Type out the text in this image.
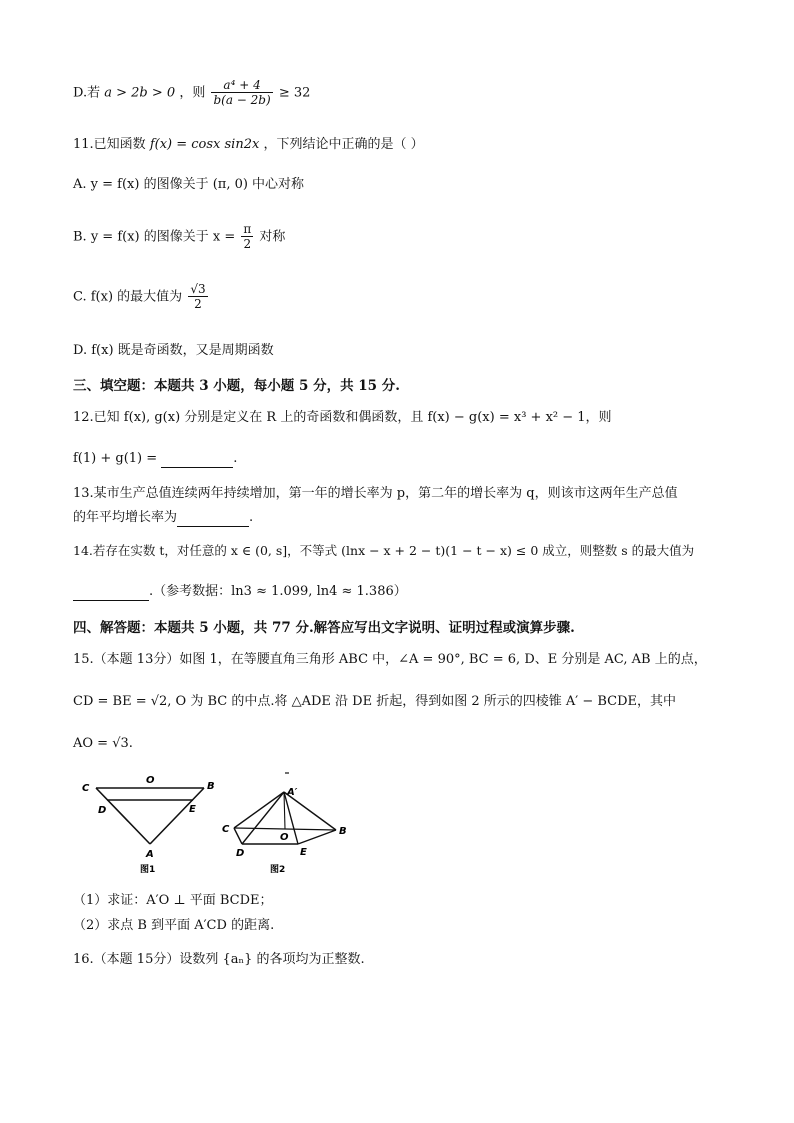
D.若 a > 2b > 0 ，则 $\frac{\text{a⁴ + 4}}{b(a - 2b)} \ge 32$
11.已知函数 f(x) = cosx sin2x ，下列结论中正确的是（ ）
A. y = f(x) 的图像关于 (π, 0) 中心对称
B. y = f(x) 的图像关于 $x = \frac{\pi}{2}$ 对称
C. f(x) 的最大值为 $\frac{√3}{2}$
D. f(x) 既是奇函数，又是周期函数
三、填空题：本题共 3 小题，每小题 5 分，共 15 分.
12.已知 f(x), g(x) 分别是定义在 R 上的奇函数和偶函数，且 f(x) − g(x) = x³ + x² − 1，则
f(1) + g(1) =	.
13.某市生产总值连续两年持续增加，第一年的增长率为 p，第二年的增长率为 q，则该市这两年生产总值
的年平均增长率为	.
14.若存在实数 t，对任意的 x ∈ (0, s]，不等式 (lnx − x + 2 − t)(1 − t − x) ≤ 0 成立，则整数 s 的最大值为
.（参考数据：ln3 ≈ 1.099, ln4 ≈ 1.386）
四、解答题：本题共 5 小题，共 77 分.解答应写出文字说明、证明过程或演算步骤.
15.（本题 13分）如图 1，在等腰直角三角形 ABC 中，∠A = 90°, BC = 6, D、E 分别是 AC, AB 上的点，
CD = BE = √2, O 为 BC 的中点.将 △ADE 沿 DE 折起，得到如图 2 所示的四棱锥 A′ − BCDE，其中
AO = √3.
C
O
B
D	E
A
图1
A′
C
O
B
D	E
图2
（1）求证：A′O ⊥ 平面 BCDE；
（2）求点 B 到平面 A′CD 的距离.
16.（本题 15分）设数列 {aₙ} 的各项均为正整数.
